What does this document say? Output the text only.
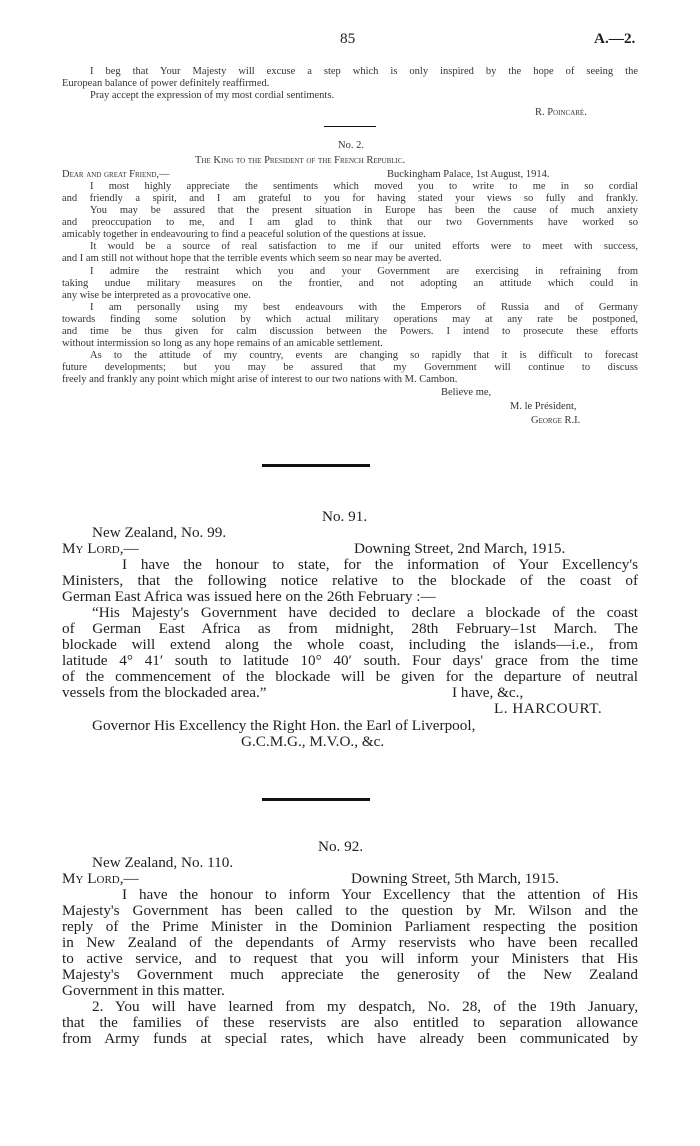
85	A.—2.
I beg that Your Majesty will excuse a step which is only inspired by the hope of seeing the
European balance of power definitely reaffirmed.
Pray accept the expression of my most cordial sentiments.
R. Poincaré.
No. 2.
The King to the President of the French Republic.
Dear and great Friend,—	Buckingham Palace, 1st August, 1914.
I most highly appreciate the sentiments which moved you to write to me in so cordial
and friendly a spirit, and I am grateful to you for having stated your views so fully and frankly.
You may be assured that the present situation in Europe has been the cause of much anxiety
and preoccupation to me, and I am glad to think that our two Governments have worked so
amicably together in endeavouring to find a peaceful solution of the questions at issue.
It would be a source of real satisfaction to me if our united efforts were to meet with success,
and I am still not without hope that the terrible events which seem so near may be averted.
I admire the restraint which you and your Government are exercising in refraining from
taking undue military measures on the frontier, and not adopting an attitude which could in
any wise be interpreted as a provocative one.
I am personally using my best endeavours with the Emperors of Russia and of Germany
towards finding some solution by which actual military operations may at any rate be postponed,
and time be thus given for calm discussion between the Powers. I intend to prosecute these efforts
without intermission so long as any hope remains of an amicable settlement.
As to the attitude of my country, events are changing so rapidly that it is difficult to forecast
future developments; but you may be assured that my Government will continue to discuss
freely and frankly any point which might arise of interest to our two nations with M. Cambon.
Believe me,
M. le Président,
George R.I.
No. 91.
New Zealand, No. 99.
My Lord,—	Downing Street, 2nd March, 1915.
I have the honour to state, for the information of Your Excellency's
Ministers, that the following notice relative to the blockade of the coast of
German East Africa was issued here on the 26th February :—
“His Majesty's Government have decided to declare a blockade of the coast
of German East Africa as from midnight, 28th February–1st March. The
blockade will extend along the whole coast, including the islands—i.e., from
latitude 4° 41′ south to latitude 10° 40′ south. Four days' grace from the time
of the commencement of the blockade will be given for the departure of neutral
vessels from the blockaded area.”	I have, &c.,
L. HARCOURT.
Governor His Excellency the Right Hon. the Earl of Liverpool,
G.C.M.G., M.V.O., &c.
No. 92.
New Zealand, No. 110.
My Lord,—	Downing Street, 5th March, 1915.
I have the honour to inform Your Excellency that the attention of His
Majesty's Government has been called to the question by Mr. Wilson and the
reply of the Prime Minister in the Dominion Parliament respecting the position
in New Zealand of the dependants of Army reservists who have been recalled
to active service, and to request that you will inform your Ministers that His
Majesty's Government much appreciate the generosity of the New Zealand
Government in this matter.
2. You will have learned from my despatch, No. 28, of the 19th January,
that the families of these reservists are also entitled to separation allowance
from Army funds at special rates, which have already been communicated by
